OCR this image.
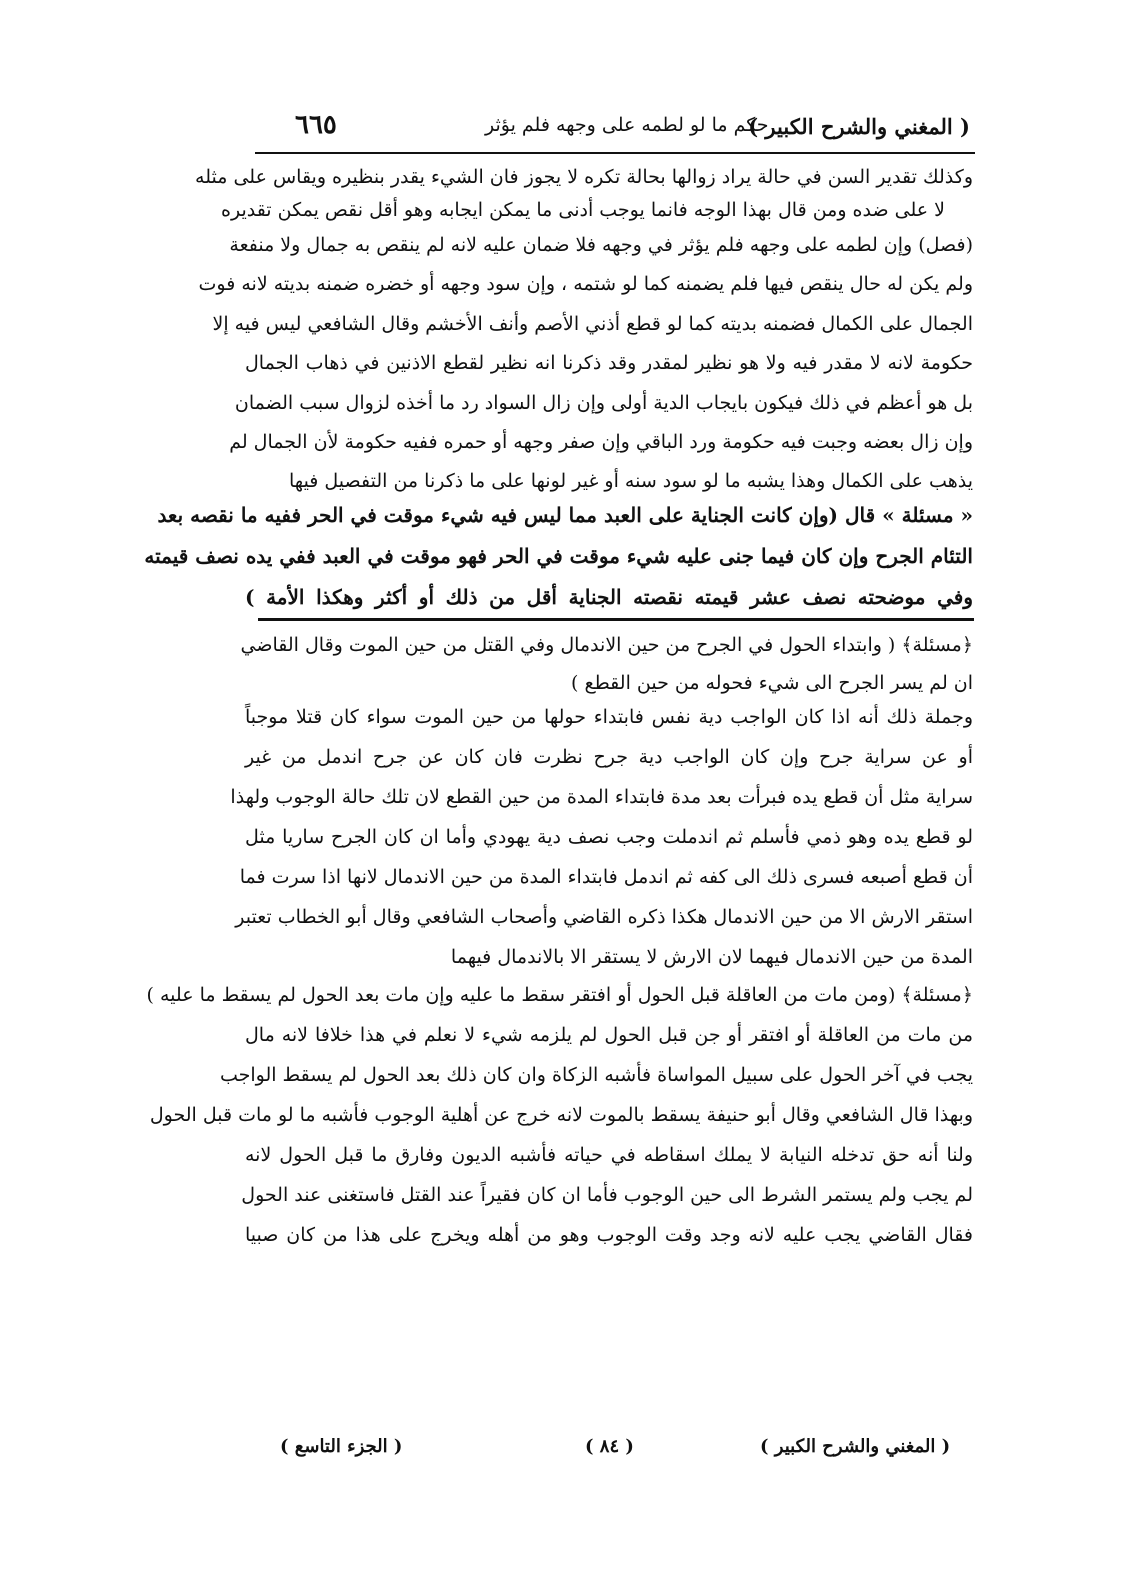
( المغني والشرح الكبير )
حكم ما لو لطمه على وجهه فلم يؤثر
٦٦٥
وكذلك تقدير السن في حالة يراد زوالها بحالة تكره لا يجوز فان الشيء يقدر بنظيره ويقاس على مثله
لا على ضده ومن قال بهذا الوجه فانما يوجب أدنى ما يمكن ايجابه وهو أقل نقص يمكن تقديره
(فصل) وإن لطمه على وجهه فلم يؤثر في وجهه فلا ضمان عليه لانه لم ينقص به جمال ولا منفعة
ولم يكن له حال ينقص فيها فلم يضمنه كما لو شتمه ، وإن سود وجهه أو خضره ضمنه بديته لانه فوت
الجمال على الكمال فضمنه بديته كما لو قطع أذني الأصم وأنف الأخشم وقال الشافعي ليس فيه إلا
حكومة لانه لا مقدر فيه ولا هو نظير لمقدر وقد ذكرنا انه نظير لقطع الاذنين في ذهاب الجمال
بل هو أعظم في ذلك فيكون بايجاب الدية أولى وإن زال السواد رد ما أخذه لزوال سبب الضمان
وإن زال بعضه وجبت فيه حكومة ورد الباقي وإن صفر وجهه أو حمره ففيه حكومة لأن الجمال لم
يذهب على الكمال وهذا يشبه ما لو سود سنه أو غير لونها على ما ذكرنا من التفصيل فيها
« مسئلة » قال (وإن كانت الجناية على العبد مما ليس فيه شيء موقت في الحر ففيه ما نقصه بعد
التئام الجرح وإن كان فيما جنى عليه شيء موقت في الحر فهو موقت في العبد ففي يده نصف قيمته
وفي موضحته نصف عشر قيمته نقصته الجناية أقل من ذلك أو أكثر وهكذا الأمة )
﴿مسئلة﴾ ( وابتداء الحول في الجرح من حين الاندمال وفي القتل من حين الموت وقال القاضي
ان لم يسر الجرح الى شيء فحوله من حين القطع )
وجملة ذلك أنه اذا كان الواجب دية نفس فابتداء حولها من حين الموت سواء كان قتلا موجباً
أو عن سراية جرح وإن كان الواجب دية جرح نظرت فان كان عن جرح اندمل من غير
سراية مثل أن قطع يده فبرأت بعد مدة فابتداء المدة من حين القطع لان تلك حالة الوجوب ولهذا
لو قطع يده وهو ذمي فأسلم ثم اندملت وجب نصف دية يهودي وأما ان كان الجرح ساريا مثل
أن قطع أصبعه فسرى ذلك الى كفه ثم اندمل فابتداء المدة من حين الاندمال لانها اذا سرت فما
استقر الارش الا من حين الاندمال هكذا ذكره القاضي وأصحاب الشافعي وقال أبو الخطاب تعتبر
المدة من حين الاندمال فيهما لان الارش لا يستقر الا بالاندمال فيهما
﴿مسئلة﴾ (ومن مات من العاقلة قبل الحول أو افتقر سقط ما عليه وإن مات بعد الحول لم يسقط ما عليه )
من مات من العاقلة أو افتقر أو جن قبل الحول لم يلزمه شيء لا نعلم في هذا خلافا لانه مال
يجب في آخر الحول على سبيل المواساة فأشبه الزكاة وان كان ذلك بعد الحول لم يسقط الواجب
وبهذا قال الشافعي وقال أبو حنيفة يسقط بالموت لانه خرج عن أهلية الوجوب فأشبه ما لو مات قبل الحول
ولنا أنه حق تدخله النيابة لا يملك اسقاطه في حياته فأشبه الديون وفارق ما قبل الحول لانه
لم يجب ولم يستمر الشرط الى حين الوجوب فأما ان كان فقيراً عند القتل فاستغنى عند الحول
فقال القاضي يجب عليه لانه وجد وقت الوجوب وهو من أهله ويخرج على هذا من كان صبيا
( الجزء التاسع )	( ٨٤ )	( المغني والشرح الكبير )
